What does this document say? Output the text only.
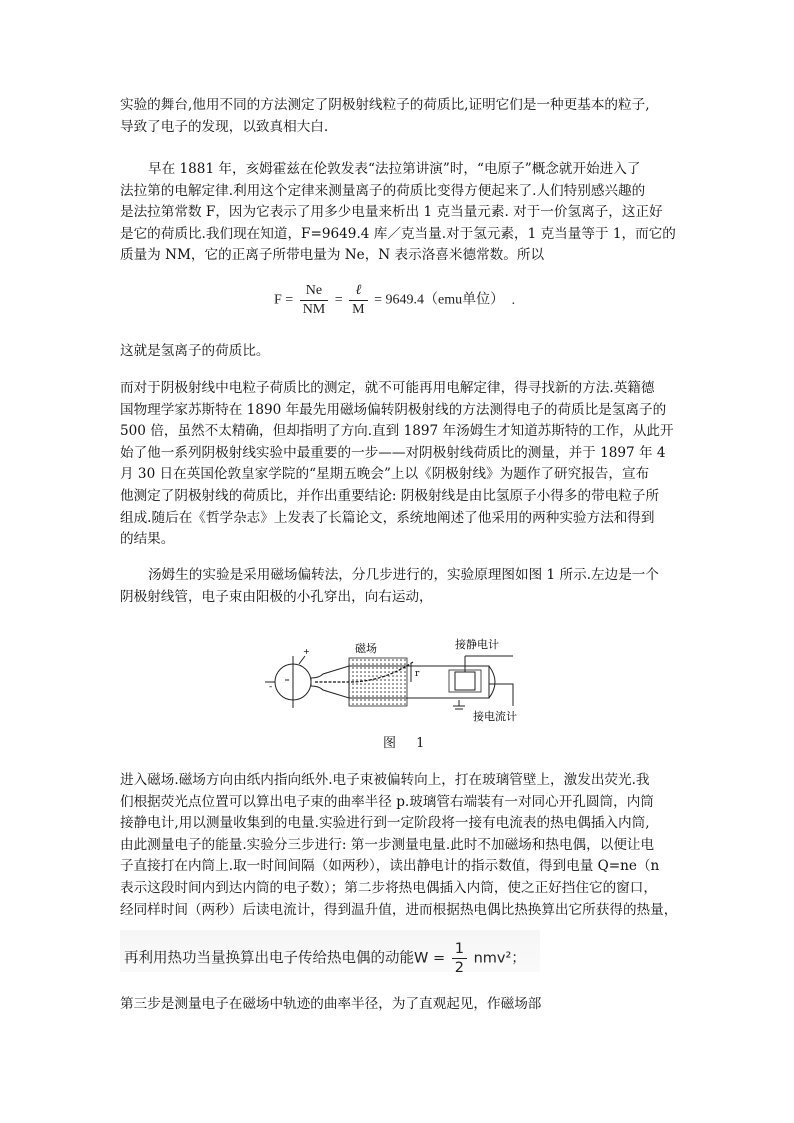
实验的舞台,他用不同的方法测定了阴极射线粒子的荷质比,证明它们是一种更基本的粒子,
导致了电子的发现，以致真相大白.
早在 1881 年，亥姆霍兹在伦敦发表“法拉第讲演”时，“电原子”概念就开始进入了
法拉第的电解定律.利用这个定律来测量离子的荷质比变得方便起来了.人们特别感兴趣的
是法拉第常数 F，因为它表示了用多少电量来析出 1 克当量元素. 对于一价氢离子，这正好
是它的荷质比.我们现在知道，F=9649.4 库／克当量.对于氢元素，1 克当量等于 1，而它的
质量为 NM，它的正离子所带电量为 Ne，N 表示洛喜米德常数。所以
$F = \frac{Ne}{NM} = \frac{\text{ℓ}}{M} = 9649.4(emu$单位） .
这就是氢离子的荷质比。
而对于阴极射线中电粒子荷质比的测定，就不可能再用电解定律，得寻找新的方法.英籍德
国物理学家苏斯特在 1890 年最先用磁场偏转阴极射线的方法测得电子的荷质比是氢离子的
500 倍，虽然不太精确，但却指明了方向.直到 1897 年汤姆生才知道苏斯特的工作，从此开
始了他一系列阴极射线实验中最重要的一步——对阴极射线荷质比的测量，并于 1897 年 4
月 30 日在英国伦敦皇家学院的“星期五晚会”上以《阴极射线》为题作了研究报告，宣布
他测定了阴极射线的荷质比，并作出重要结论: 阴极射线是由比氢原子小得多的带电粒子所
组成.随后在《哲学杂志》上发表了长篇论文，系统地阐述了他采用的两种实验方法和得到
的结果。
汤姆生的实验是采用磁场偏转法，分几步进行的，实验原理图如图 1 所示.左边是一个
阴极射线管，电子束由阳极的小孔穿出，向右运动，
+
-
r
磁场	接静电计
接电流计
图 1
进入磁场.磁场方向由纸内指向纸外.电子束被偏转向上，打在玻璃管壁上，激发出荧光.我
们根据荧光点位置可以算出电子束的曲率半径 p.玻璃管右端装有一对同心开孔圆筒，内筒
接静电计,用以测量收集到的电量.实验进行到一定阶段将一接有电流表的热电偶插入内筒,
由此测量电子的能量.实验分三步进行: 第一步测量电量.此时不加磁场和热电偶，以便让电
子直接打在内筒上.取一时间间隔（如两秒），读出静电计的指示数值，得到电量 Q=ne（n
表示这段时间内到达内筒的电子数）；第二步将热电偶插入内筒，使之正好挡住它的窗口，
经同样时间（两秒）后读电流计，得到温升值，进而根据热电偶比热换算出它所获得的热量，
再利用热功当量换算出电子传给热电偶的动能$W = \frac{1}{2} nmv^2$；
第三步是测量电子在磁场中轨迹的曲率半径，为了直观起见，作磁场部
